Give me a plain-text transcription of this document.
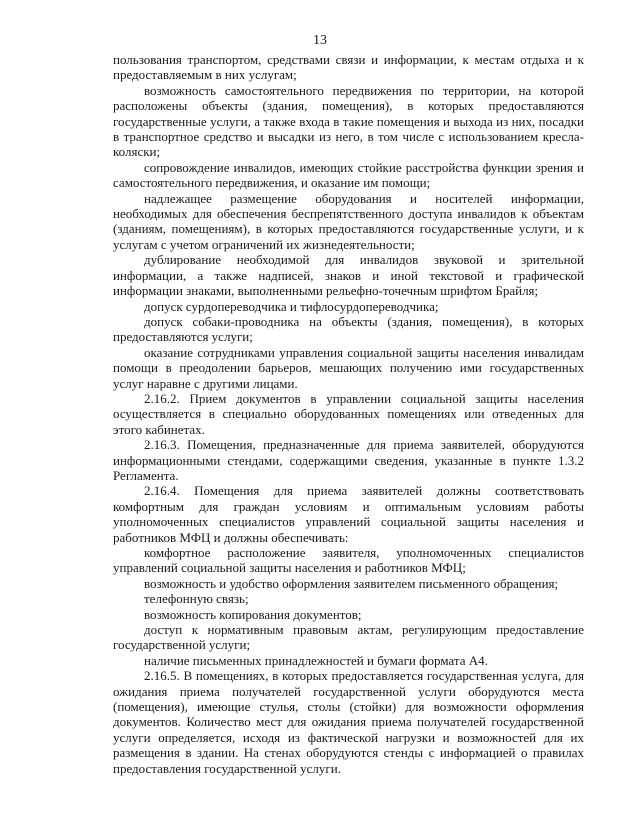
13

пользования транспортом, средствами связи и информации, к местам отдыха и к предоставляемым в них услугам;

возможность самостоятельного передвижения по территории, на которой расположены объекты (здания, помещения), в которых предоставляются государственные услуги, а также входа в такие помещения и выхода из них, посадки в транспортное средство и высадки из него, в том числе с использованием кресла-коляски;

сопровождение инвалидов, имеющих стойкие расстройства функции зрения и самостоятельного передвижения, и оказание им помощи;

надлежащее размещение оборудования и носителей информации, необходимых для обеспечения беспрепятственного доступа инвалидов к объектам (зданиям, помещениям), в которых предоставляются государственные услуги, и к услугам с учетом ограничений их жизнедеятельности;

дублирование необходимой для инвалидов звуковой и зрительной информации, а также надписей, знаков и иной текстовой и графической информации знаками, выполненными рельефно-точечным шрифтом Брайля;

допуск сурдопереводчика и тифлосурдопереводчика;

допуск собаки-проводника на объекты (здания, помещения), в которых предоставляются услуги;

оказание сотрудниками управления социальной защиты населения инвалидам помощи в преодолении барьеров, мешающих получению ими государственных услуг наравне с другими лицами.

2.16.2. Прием документов в управлении социальной защиты населения осуществляется в специально оборудованных помещениях или отведенных для этого кабинетах.

2.16.3. Помещения, предназначенные для приема заявителей, оборудуются информационными стендами, содержащими сведения, указанные в пункте 1.3.2 Регламента.

2.16.4. Помещения для приема заявителей должны соответствовать комфортным для граждан условиям и оптимальным условиям работы уполномоченных специалистов управлений социальной защиты населения и работников МФЦ и должны обеспечивать:

комфортное расположение заявителя, уполномоченных специалистов управлений социальной защиты населения и работников МФЦ;

возможность и удобство оформления заявителем письменного обращения;

телефонную связь;

возможность копирования документов;

доступ к нормативным правовым актам, регулирующим предоставление государственной услуги;

наличие письменных принадлежностей и бумаги формата А4.

2.16.5. В помещениях, в которых предоставляется государственная услуга, для ожидания приема получателей государственной услуги оборудуются места (помещения), имеющие стулья, столы (стойки) для возможности оформления документов. Количество мест для ожидания приема получателей государственной услуги определяется, исходя из фактической нагрузки и возможностей для их размещения в здании. На стенах оборудуются стенды с информацией о правилах предоставления государственной услуги.
